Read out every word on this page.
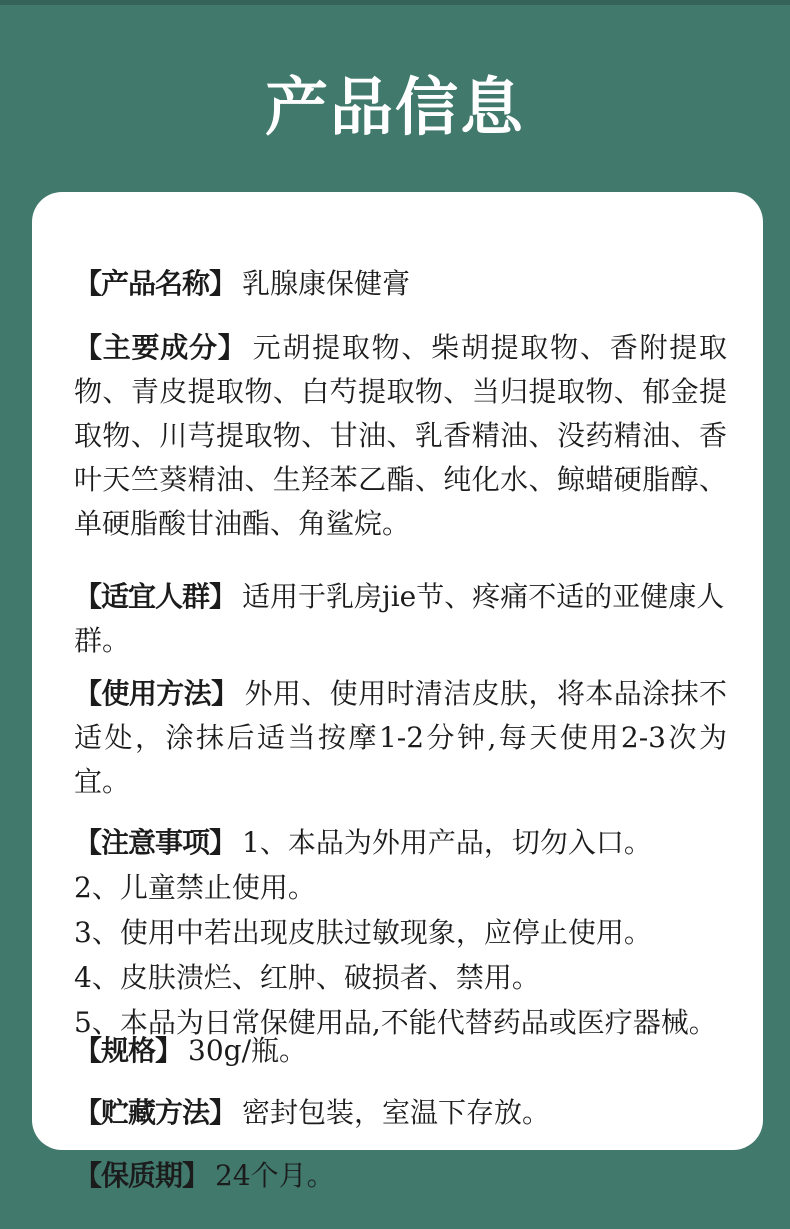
产品信息

【产品名称】 乳腺康保健膏

【主要成分】 元胡提取物、柴胡提取物、香附提取物、青皮提取物、白芍提取物、当归提取物、郁金提取物、川芎提取物、甘油、乳香精油、没药精油、香叶天竺葵精油、生羟苯乙酯、纯化水、鲸蜡硬脂醇、单硬脂酸甘油酯、角鲨烷。

【适宜人群】 适用于乳房jie节、疼痛不适的亚健康人群。

【使用方法】 外用、使用时清洁皮肤，将本品涂抹不适处，涂抹后适当按摩1-2分钟,每天使用2-3次为宜。

【注意事项】 1、本品为外用产品，切勿入口。
2、儿童禁止使用。
3、使用中若出现皮肤过敏现象，应停止使用。
4、皮肤溃烂、红肿、破损者、禁用。
5、本品为日常保健用品,不能代替药品或医疗器械。

【规格】 30g/瓶。

【贮藏方法】 密封包装，室温下存放。

【保质期】 24个月。
